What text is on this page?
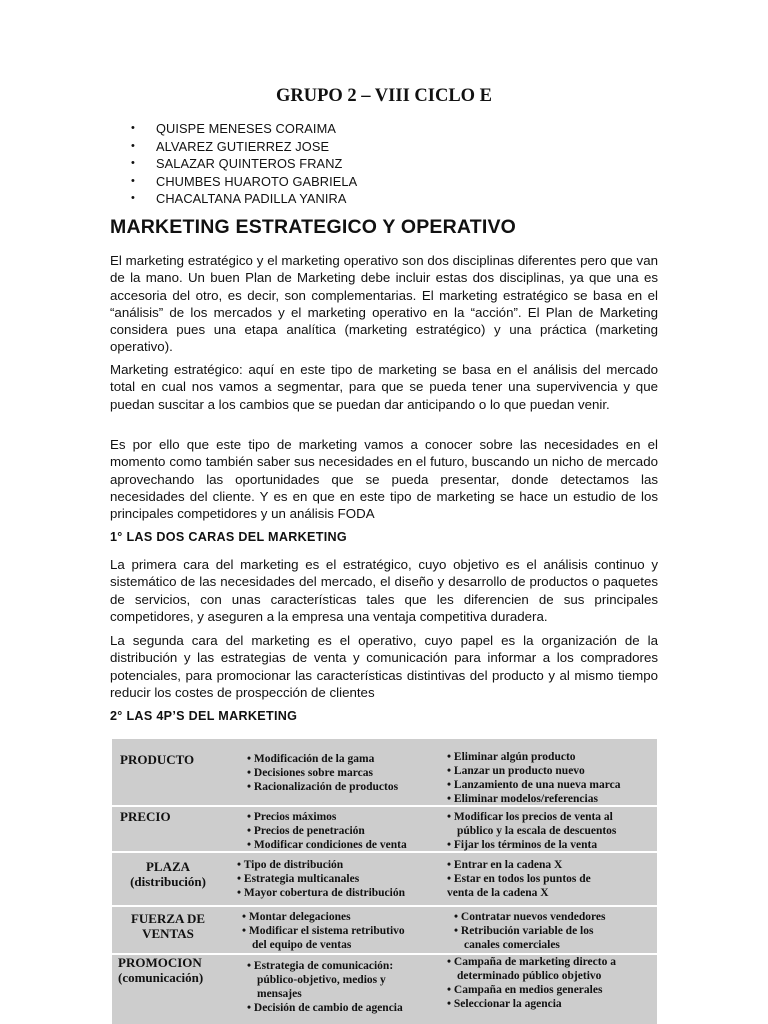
GRUPO 2 – VIII CICLO E
• QUISPE MENESES CORAIMA
• ALVAREZ GUTIERREZ JOSE
• SALAZAR QUINTEROS FRANZ
• CHUMBES HUAROTO GABRIELA
• CHACALTANA PADILLA YANIRA
MARKETING ESTRATEGICO Y OPERATIVO

El marketing estratégico y el marketing operativo son dos disciplinas diferentes pero que van de la mano. Un buen Plan de Marketing debe incluir estas dos disciplinas, ya que una es accesoria del otro, es decir, son complementarias. El marketing estratégico se basa en el “análisis” de los mercados y el marketing operativo en la “acción”. El Plan de Marketing considera pues una etapa analítica (marketing estratégico) y una práctica (marketing operativo).

Marketing estratégico: aquí en este tipo de marketing se basa en el análisis del mercado total en cual nos vamos a segmentar, para que se pueda tener una supervivencia y que puedan suscitar a los cambios que se puedan dar anticipando o lo que puedan venir.

Es por ello que este tipo de marketing vamos a conocer sobre las necesidades en el momento como también saber sus necesidades en el futuro, buscando un nicho de mercado aprovechando las oportunidades que se pueda presentar, donde detectamos las necesidades del cliente. Y es en que en este tipo de marketing se hace un estudio de los principales competidores y un análisis FODA

1° LAS DOS CARAS DEL MARKETING

La primera cara del marketing es el estratégico, cuyo objetivo es el análisis continuo y sistemático de las necesidades del mercado, el diseño y desarrollo de productos o paquetes de servicios, con unas características tales que les diferencien de sus principales competidores, y aseguren a la empresa una ventaja competitiva duradera.

La segunda cara del marketing es el operativo, cuyo papel es la organización de la distribución y las estrategias de venta y comunicación para informar a los compradores potenciales, para promocionar las características distintivas del producto y al mismo tiempo reducir los costes de prospección de clientes

2° LAS 4P’S DEL MARKETING
PRODUCTO	• Modificación de la gama
• Decisiones sobre marcas
• Racionalización de productos
• Eliminar algún producto
• Lanzar un producto nuevo
• Lanzamiento de una nueva marca
• Eliminar modelos/referencias
PRECIO	• Precios máximos
• Precios de penetración
• Modificar condiciones de venta
• Modificar los precios de venta al
público y la escala de descuentos
• Fijar los términos de la venta
PLAZA
(distribución)
• Tipo de distribución
• Estrategia multicanales
• Mayor cobertura de distribución
• Entrar en la cadena X
• Estar en todos los puntos de
venta de la cadena X
FUERZA DE
VENTAS
• Montar delegaciones
• Modificar el sistema retributivo
del equipo de ventas
• Contratar nuevos vendedores
• Retribución variable de los
canales comerciales
PROMOCION
(comunicación)
• Estrategia de comunicación:
público-objetivo, medios y
mensajes
• Decisión de cambio de agencia
• Campaña de marketing directo a
determinado público objetivo
• Campaña en medios generales
• Seleccionar la agencia
